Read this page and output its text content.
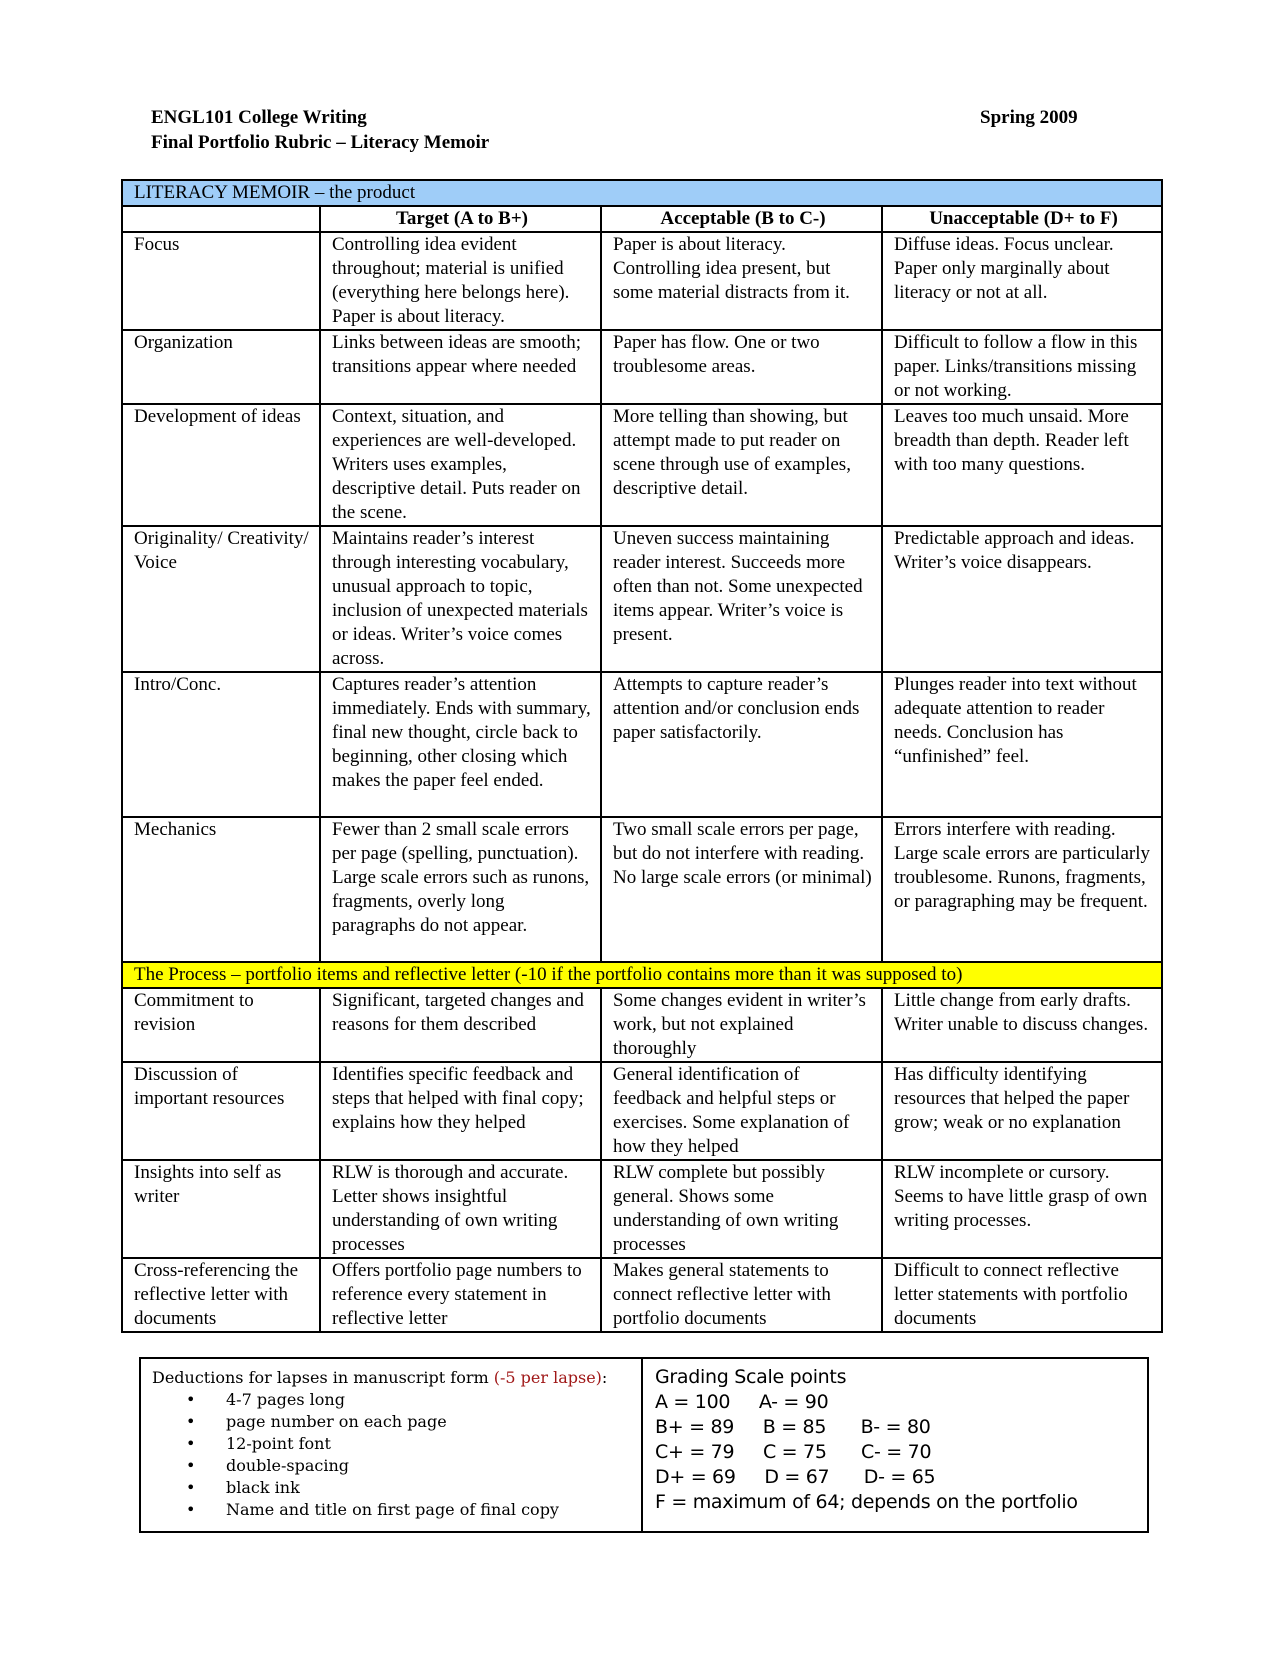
ENGL101 College Writing
Final Portfolio Rubric – Literacy Memoir
Spring 2009
LITERACY MEMOIR – the product			
	Target (A to B+)	Acceptable (B to C-)	Unacceptable (D+ to F)
Focus	Controlling idea evident throughout; material is unified (everything here belongs here). Paper is about literacy.	Paper is about literacy. Controlling idea present, but some material distracts from it.	Diffuse ideas. Focus unclear. Paper only marginally about literacy or not at all.
Organization	Links between ideas are smooth; transitions appear where needed	Paper has flow. One or two troublesome areas.	Difficult to follow a flow in this paper. Links/transitions missing or not working.
Development of ideas	Context, situation, and experiences are well-developed. Writers uses examples, descriptive detail. Puts reader on the scene.	More telling than showing, but attempt made to put reader on scene through use of examples, descriptive detail.	Leaves too much unsaid. More breadth than depth. Reader left with too many questions.
Originality/ Creativity/ Voice	Maintains reader’s interest through interesting vocabulary, unusual approach to topic, inclusion of unexpected materials or ideas. Writer’s voice comes across.	Uneven success maintaining reader interest. Succeeds more often than not. Some unexpected items appear. Writer’s voice is present.	Predictable approach and ideas. Writer’s voice disappears.
Intro/Conc.	Captures reader’s attention immediately. Ends with summary, final new thought, circle back to beginning, other closing which makes the paper feel ended.	Attempts to capture reader’s attention and/or conclusion ends paper satisfactorily.	Plunges reader into text without adequate attention to reader needs. Conclusion has “unfinished” feel.
Mechanics	Fewer than 2 small scale errors per page (spelling, punctuation). Large scale errors such as runons, fragments, overly long paragraphs do not appear.	Two small scale errors per page, but do not interfere with reading. No large scale errors (or minimal)	Errors interfere with reading. Large scale errors are particularly troublesome. Runons, fragments, or paragraphing may be frequent.
The Process – portfolio items and reflective letter (-10 if the portfolio contains more than it was supposed to)			
Commitment to revision	Significant, targeted changes and reasons for them described	Some changes evident in writer’s work, but not explained thoroughly	Little change from early drafts. Writer unable to discuss changes.
Discussion of important resources	Identifies specific feedback and steps that helped with final copy; explains how they helped	General identification of feedback and helpful steps or exercises. Some explanation of how they helped	Has difficulty identifying resources that helped the paper grow; weak or no explanation
Insights into self as writer	RLW is thorough and accurate. Letter shows insightful understanding of own writing processes	RLW complete but possibly general. Shows some understanding of own writing processes	RLW incomplete or cursory. Seems to have little grasp of own writing processes.
Cross-referencing the reflective letter with documents	Offers portfolio page numbers to reference every statement in reflective letter	Makes general statements to connect reflective letter with portfolio documents	Difficult to connect reflective letter statements with portfolio documents
Deductions for lapses in manuscript form (-5 per lapse):
•	4-7 pages long
•	page number on each page
•	12-point font
•	double-spacing
•	black ink
•	Name and title on first page of final copy
Grading Scale points
A = 100     A- = 90
B+ = 89     B = 85      B- = 80
C+ = 79     C = 75      C- = 70
D+ = 69     D = 67      D- = 65
F = maximum of 64; depends on the portfolio
